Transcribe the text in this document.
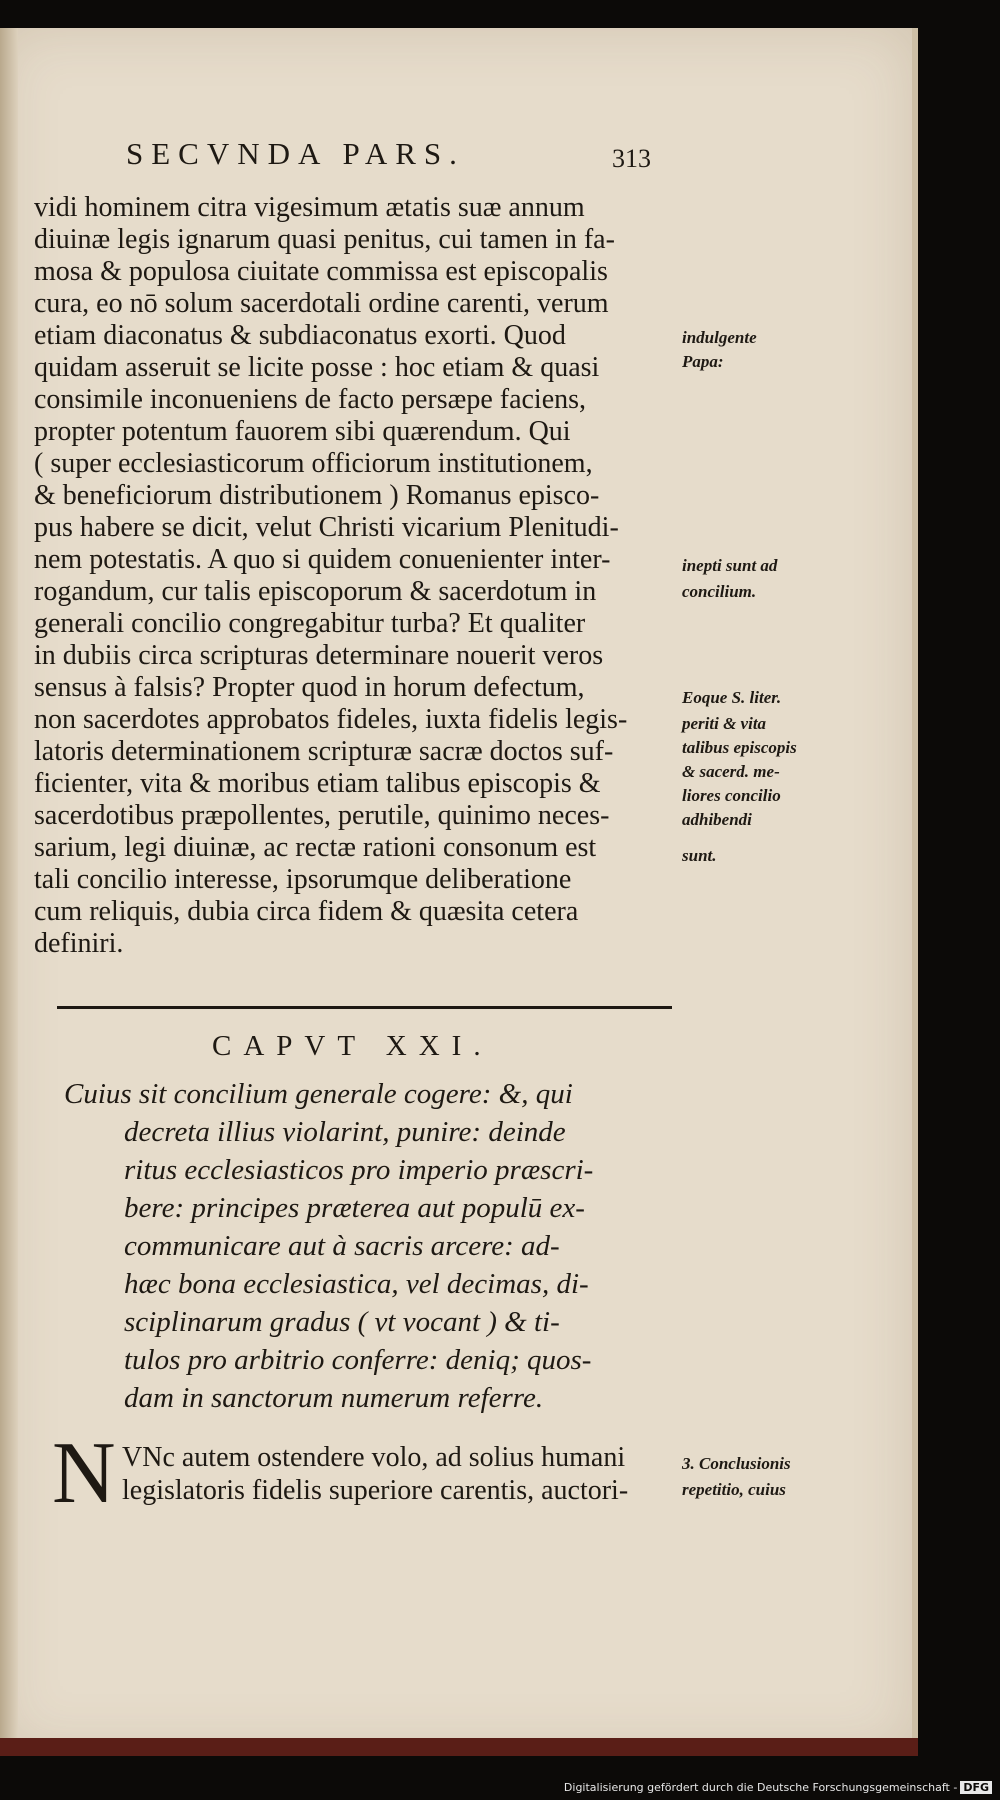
SECVNDA PARS.	313
vidi hominem citra vigesimum ætatis suæ annum
diuinæ legis ignarum quasi penitus, cui tamen in fa-
mosa & populosa ciuitate commissa est episcopalis
cura, eo nō solum sacerdotali ordine carenti, verum
etiam diaconatus & subdiaconatus exorti. Quod
quidam asseruit se licite posse : hoc etiam & quasi
consimile inconueniens de facto persæpe faciens,
propter potentum fauorem sibi quærendum. Qui
( super ecclesiasticorum officiorum institutionem,
& beneficiorum distributionem ) Romanus episco-
pus habere se dicit, velut Christi vicarium Plenitudi-
nem potestatis. A quo si quidem conuenienter inter-
rogandum, cur talis episcoporum & sacerdotum in
generali concilio congregabitur turba? Et qualiter
in dubiis circa scripturas determinare nouerit veros
sensus à falsis? Propter quod in horum defectum,
non sacerdotes approbatos fideles, iuxta fidelis legis-
latoris determinationem scripturæ sacræ doctos suf-
ficienter, vita & moribus etiam talibus episcopis &
sacerdotibus præpollentes, perutile, quinimo neces-
sarium, legi diuinæ, ac rectæ rationi consonum est
tali concilio interesse, ipsorumque deliberatione
cum reliquis, dubia circa fidem & quæsita cetera
definiri.
indulgente
Papa:
inepti sunt ad
concilium.
Eoque S. liter.
periti & vita
talibus episcopis
& sacerd. me-
liores concilio
adhibendi
sunt.
3. Conclusionis
repetitio, cuius
CAPVT XXI.
Cuius sit concilium generale cogere: &, qui
decreta illius violarint, punire: deinde
ritus ecclesiasticos pro imperio præscri-
bere: principes præterea aut populū ex-
communicare aut à sacris arcere: ad-
hæc bona ecclesiastica, vel decimas, di-
sciplinarum gradus ( vt vocant ) & ti-
tulos pro arbitrio conferre: deniq; quos-
dam in sanctorum numerum referre.
N VNc autem ostendere volo, ad solius humani
legislatoris fidelis superiore carentis, auctori-
Digitalisierung gefördert durch die Deutsche Forschungsgemeinschaft - DFG
